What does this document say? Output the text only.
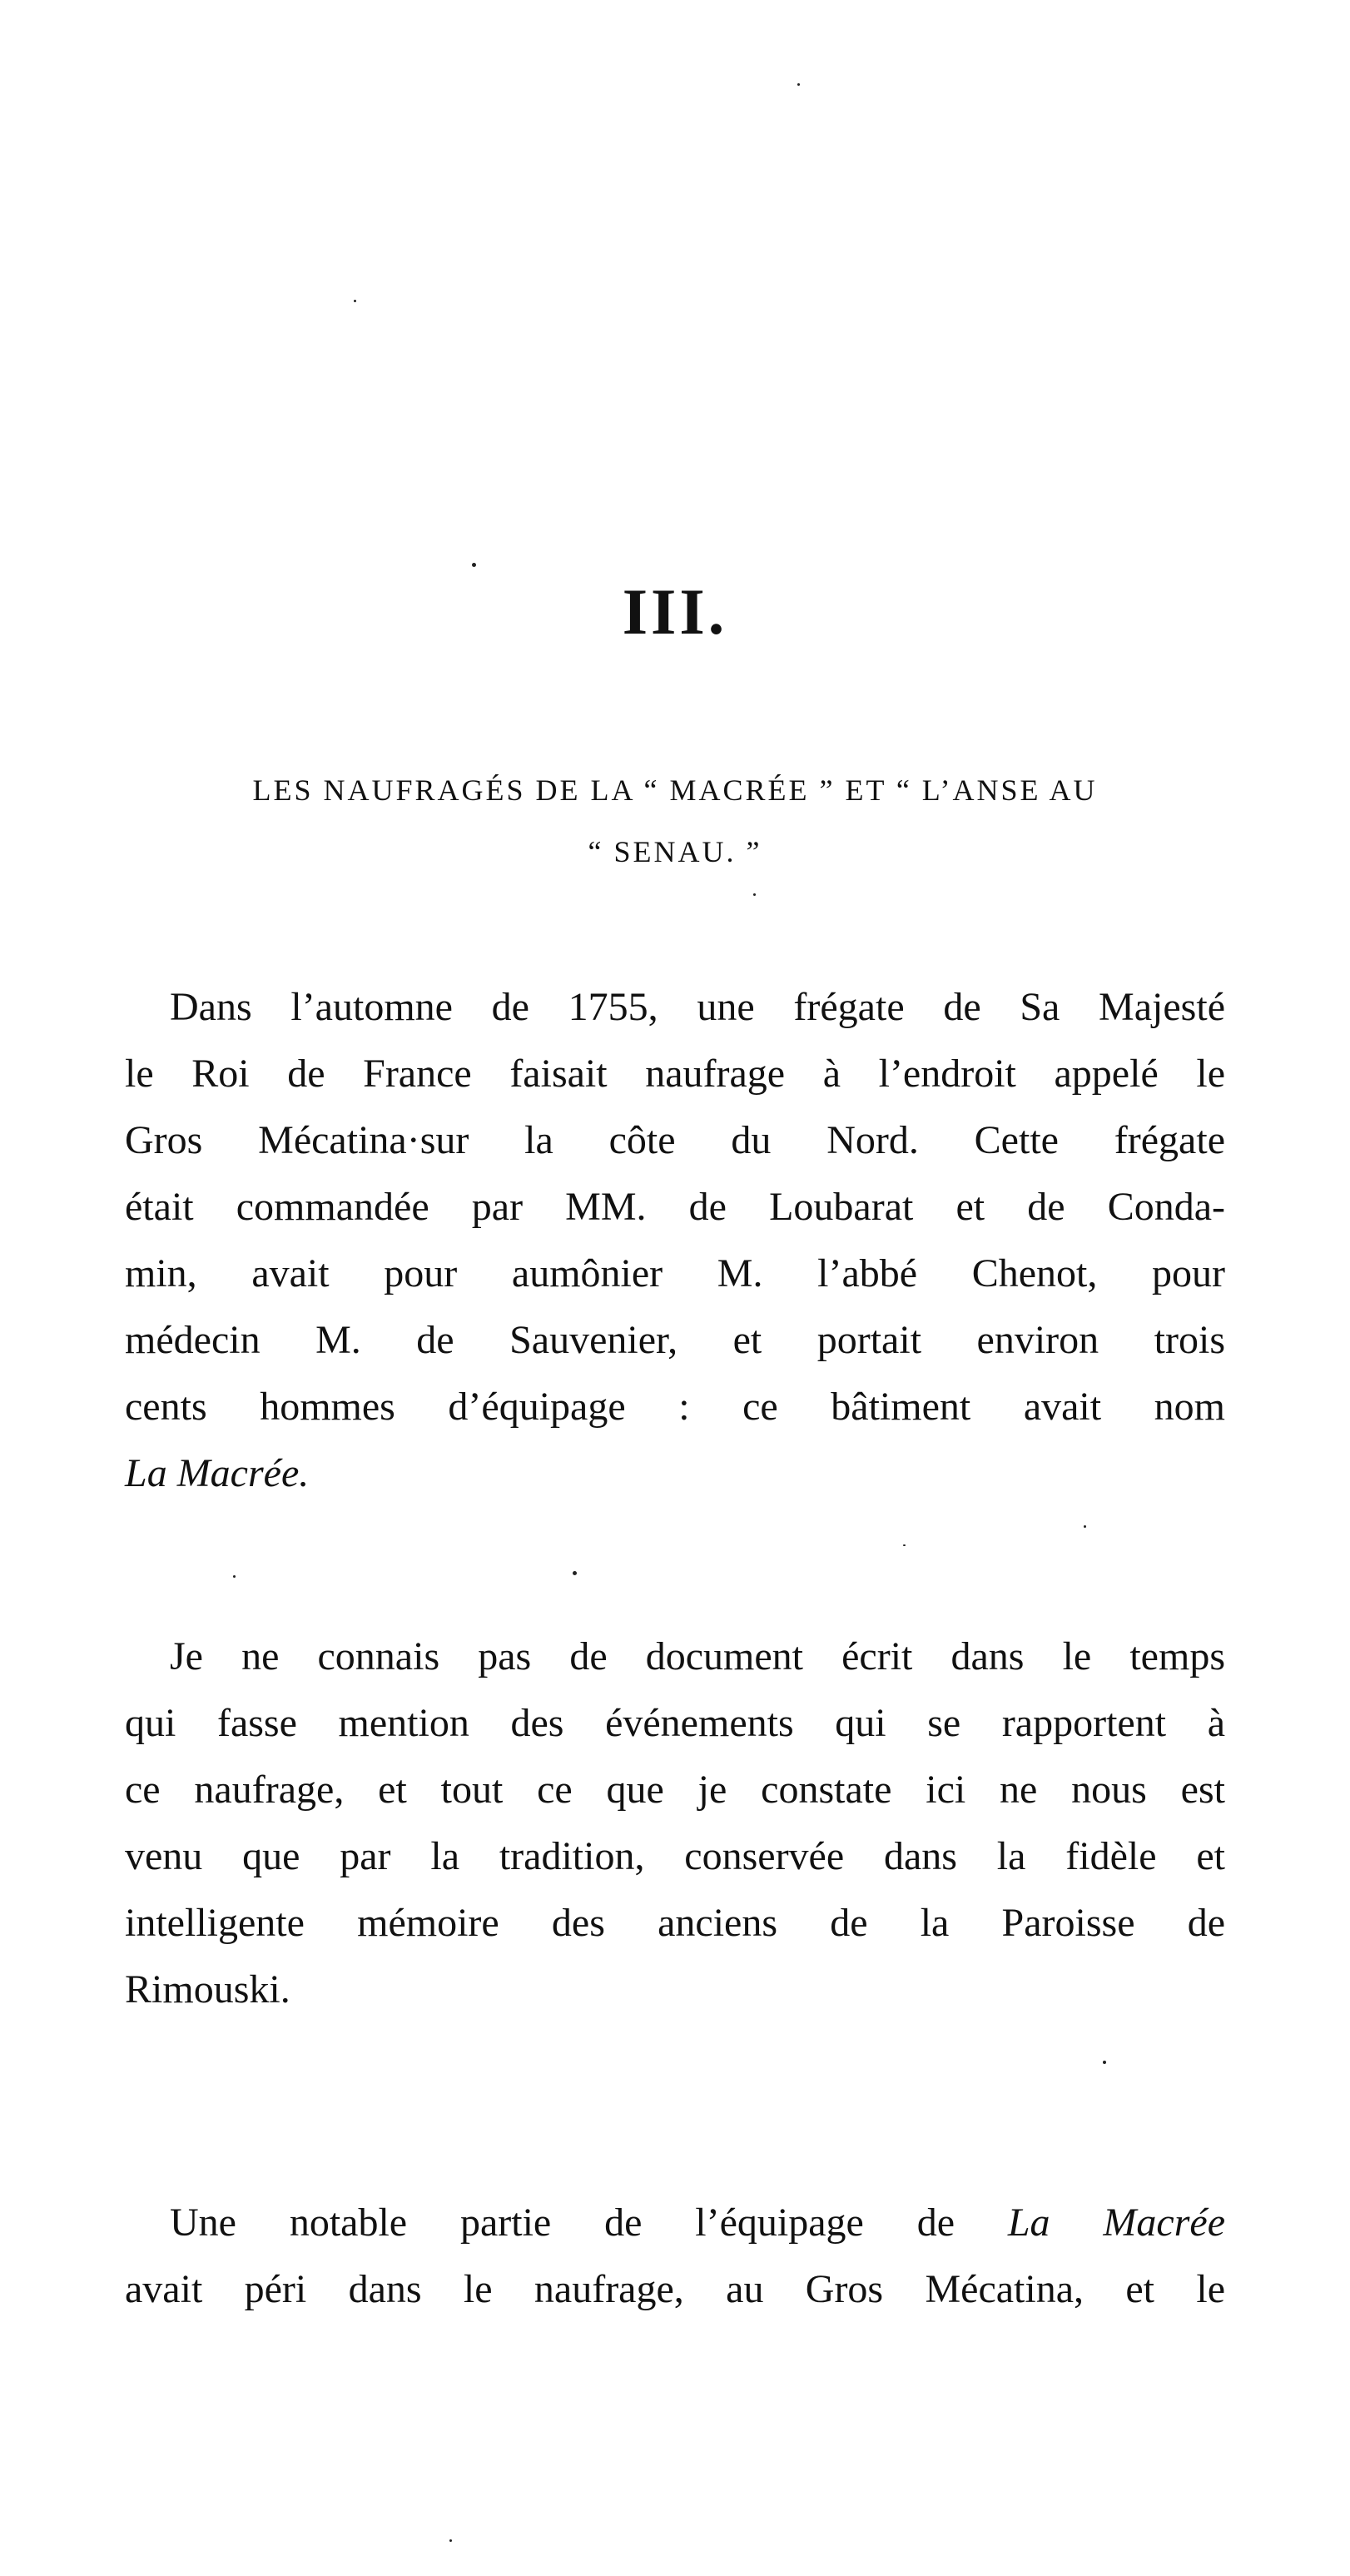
III.
LES NAUFRAGÉS DE LA “ MACRÉE ” ET “ L’ANSE AU
“ SENAU. ”
Dans l’automne de 1755, une frégate de Sa Majesté
le Roi de France faisait naufrage à l’endroit appelé le
Gros Mécatina·sur la côte du Nord. Cette frégate
était commandée par MM. de Loubarat et de Conda-
min, avait pour aumônier M. l’abbé Chenot, pour
médecin M. de Sauvenier, et portait environ trois
cents hommes d’équipage : ce bâtiment avait nom
La Macrée.
Je ne connais pas de document écrit dans le temps
qui fasse mention des événements qui se rapportent à
ce naufrage, et tout ce que je constate ici ne nous est
venu que par la tradition, conservée dans la fidèle et
intelligente mémoire des anciens de la Paroisse de
Rimouski.
Une notable partie de l’équipage de La Macrée
avait péri dans le naufrage, au Gros Mécatina, et le
